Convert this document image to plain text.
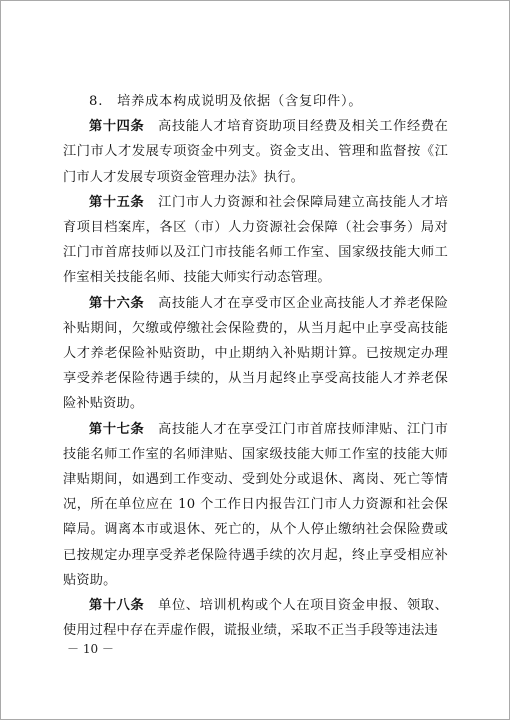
8.　培养成本构成说明及依据（含复印件）。

第十四条　高技能人才培育资助项目经费及相关工作经费在江门市人才发展专项资金中列支。资金支出、管理和监督按《江门市人才发展专项资金管理办法》执行。

第十五条　江门市人力资源和社会保障局建立高技能人才培育项目档案库，各区（市）人力资源社会保障（社会事务）局对江门市首席技师以及江门市技能名师工作室、国家级技能大师工作室相关技能名师、技能大师实行动态管理。

第十六条　高技能人才在享受市区企业高技能人才养老保险补贴期间，欠缴或停缴社会保险费的，从当月起中止享受高技能人才养老保险补贴资助，中止期纳入补贴期计算。已按规定办理享受养老保险待遇手续的，从当月起终止享受高技能人才养老保险补贴资助。

第十七条　高技能人才在享受江门市首席技师津贴、江门市技能名师工作室的名师津贴、国家级技能大师工作室的技能大师津贴期间，如遇到工作变动、受到处分或退休、离岗、死亡等情况，所在单位应在 10 个工作日内报告江门市人力资源和社会保障局。调离本市或退休、死亡的，从个人停止缴纳社会保险费或已按规定办理享受养老保险待遇手续的次月起，终止享受相应补贴资助。

第十八条　单位、培训机构或个人在项目资金申报、领取、使用过程中存在弄虚作假，谎报业绩，采取不正当手段等违法违

－ 10 －
